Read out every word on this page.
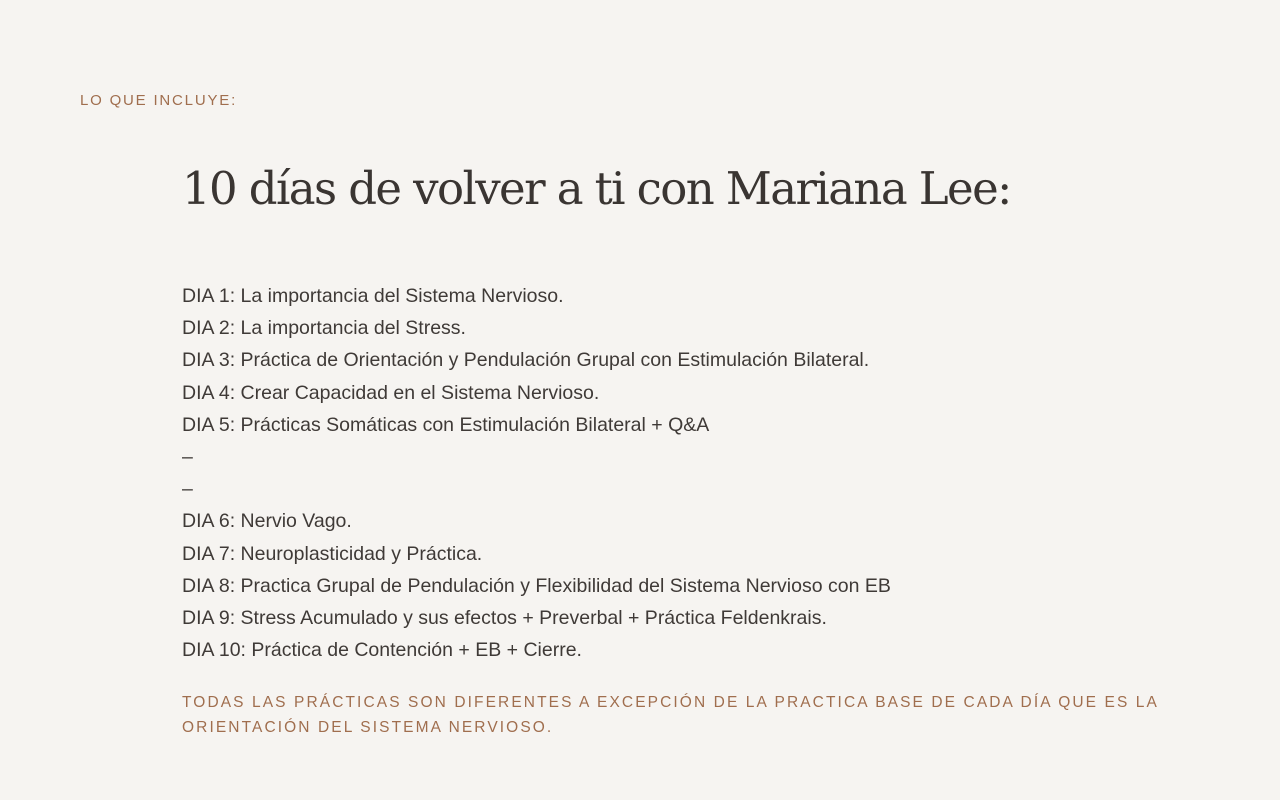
LO QUE INCLUYE:
10 días de volver a ti con Mariana Lee:
DIA 1: La importancia del Sistema Nervioso.
DIA 2: La importancia del Stress.
DIA 3: Práctica de Orientación y Pendulación Grupal con Estimulación Bilateral.
DIA 4: Crear Capacidad en el Sistema Nervioso.
DIA 5: Prácticas Somáticas con Estimulación Bilateral + Q&A
–
–
DIA 6: Nervio Vago.
DIA 7: Neuroplasticidad y Práctica.
DIA 8: Practica Grupal de Pendulación y Flexibilidad del Sistema Nervioso con EB
DIA 9: Stress Acumulado y sus efectos + Preverbal + Práctica Feldenkrais.
DIA 10: Práctica de Contención + EB + Cierre.

TODAS LAS PRÁCTICAS SON DIFERENTES A EXCEPCIÓN DE LA PRACTICA BASE DE CADA DÍA QUE ES LA ORIENTACIÓN DEL SISTEMA NERVIOSO.
